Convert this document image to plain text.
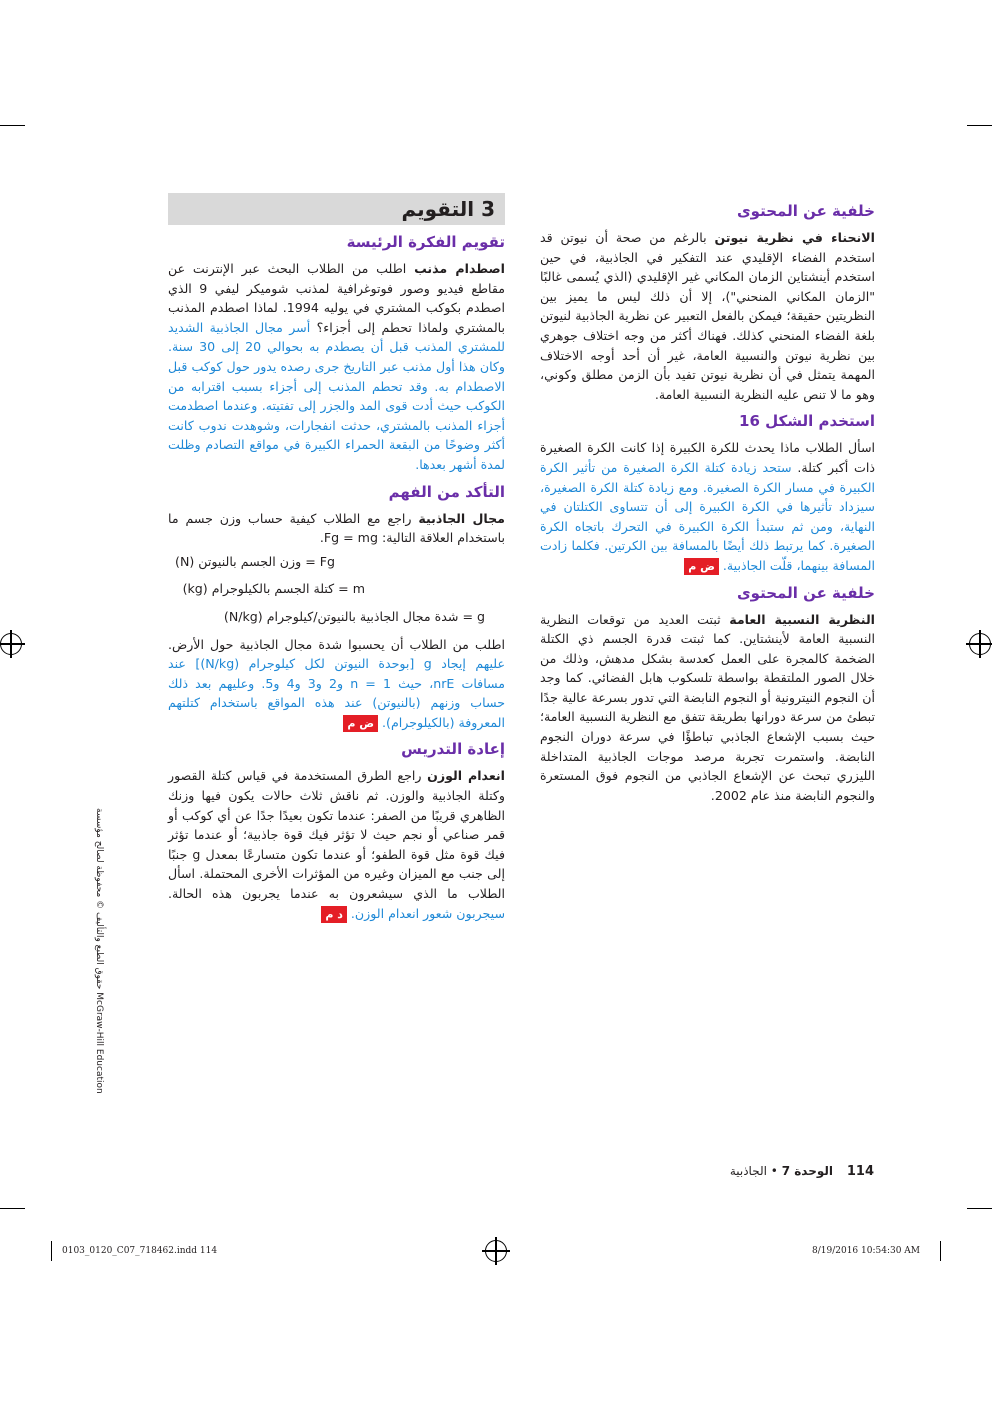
خلفية عن المحتوى

الانحناء في نظرية نيوتن بالرغم من صحة أن نيوتن قد استخدم الفضاء الإقليدي عند التفكير في الجاذبية، في حين استخدم أينشتاين الزمان المكاني غير الإقليدي (الذي يُسمى غالبًا "الزمان المكاني المنحني")، إلا أن ذلك ليس ما يميز بين النظريتين حقيقة؛ فيمكن بالفعل التعبير عن نظرية الجاذبية لنيوتن بلغة الفضاء المنحني كذلك. فهناك أكثر من وجه اختلاف جوهري بين نظرية نيوتن والنسبية العامة، غير أن أحد أوجه الاختلاف المهمة يتمثل في أن نظرية نيوتن تفيد بأن الزمن مطلق وكوني، وهو ما لا تنص عليه النظرية النسبية العامة.

استخدم الشكل 16

اسأل الطلاب ماذا يحدث للكرة الكبيرة إذا كانت الكرة الصغيرة ذات أكبر كتلة. ستحد زيادة كتلة الكرة الصغيرة من تأثير الكرة الكبيرة في مسار الكرة الصغيرة. ومع زيادة كتلة الكرة الصغيرة، سيزداد تأثيرها في الكرة الكبيرة إلى أن تتساوى الكتلتان في النهاية، ومن ثم ستبدأ الكرة الكبيرة في التحرك باتجاه الكرة الصغيرة. كما يرتبط ذلك أيضًا بالمسافة بين الكرتين. فكلما زادت المسافة بينهما، قلّت الجاذبية. ض م

خلفية عن المحتوى

النظرية النسبية العامة ثبتت العديد من توقعات النظرية النسبية العامة لأينشتاين. كما ثبتت قدرة الجسم ذي الكتلة الضخمة كالمجرة على العمل كعدسة بشكل مدهش، وذلك من خلال الصور الملتقطة بواسطة تلسكوب هابل الفضائي. كما وجد أن النجوم النيترونية أو النجوم النابضة التي تدور بسرعة عالية جدًا تبطئ من سرعة دورانها بطريقة تتفق مع النظرية النسبية العامة؛ حيث بسبب الإشعاع الجاذبي تباطؤًا في سرعة دوران النجوم النابضة. واستمرت تجربة مرصد موجات الجاذبية المتداخلة الليزري تبحث عن الإشعاع الجاذبي من النجوم فوق المستعرة والنجوم النابضة منذ عام 2002.

3 التقويم
تقويم الفكرة الرئيسة

اصطدام مذنب اطلب من الطلاب البحث عبر الإنترنت عن مقاطع فيديو وصور فوتوغرافية لمذنب شوميكر ليفي 9 الذي اصطدم بكوكب المشتري في يوليه 1994. لماذا اصطدم المذنب بالمشتري ولماذا تحطم إلى أجزاء؟ أسر مجال الجاذبية الشديد للمشتري المذنب قبل أن يصطدم به بحوالي 20 إلى 30 سنة. وكان هذا أول مذنب عبر التاريخ جرى رصده يدور حول كوكب قبل الاصطدام به. وقد تحطم المذنب إلى أجزاء بسبب اقترابه من الكوكب حيث أدت قوى المد والجزر إلى تفتيته. وعندما اصطدمت أجزاء المذنب بالمشتري، حدثت انفجارات، وشوهدت ندوب كانت أكثر وضوحًا من البقعة الحمراء الكبيرة في مواقع التصادم وظلت لمدة أشهر بعدها.

التأكد من الفهم

مجال الجاذبية راجع مع الطلاب كيفية حساب وزن جسم ما باستخدام العلاقة التالية: Fg = mg.

Fg = وزن الجسم بالنيوتن (N)
m = كتلة الجسم بالكيلوجرام (kg)
g = شدة مجال الجاذبية بالنيوتن/كيلوجرام (N/kg)

اطلب من الطلاب أن يحسبوا شدة مجال الجاذبية حول الأرض. عليهم إيجاد g [بوحدة النيوتن لكل كيلوجرام (N/kg)] عند مسافات nrE، حيث n = 1 و2 و3 و4 و5. وعليهم بعد ذلك حساب وزنهم (بالنيوتن) عند هذه المواقع باستخدام كتلتهم المعروفة (بالكيلوجرام). ض م

إعادة التدريس

انعدام الوزن راجع الطرق المستخدمة في قياس كتلة القصور وكتلة الجاذبية والوزن. ثم ناقش ثلاث حالات يكون فيها وزنك الظاهري قريبًا من الصفر: عندما تكون بعيدًا جدًا عن أي كوكب أو قمر صناعي أو نجم حيث لا تؤثر فيك قوة جاذبية؛ أو عندما تؤثر فيك قوة مثل قوة الطفو؛ أو عندما تكون متسارعًا بمعدل g جنبًا إلى جنب مع الميزان وغيره من المؤثرات الأخرى المحتملة. اسأل الطلاب ما الذي سيشعرون به عندما يجربون هذه الحالة. سيجربون شعور انعدام الوزن. د م

حقوق الطبع والتأليف © محفوظة لصالح مؤسسة McGraw-Hill Education
114 الوحدة 7 • الجاذبية
0103_0120_C07_718462.indd 114	8/19/2016 10:54:30 AM
